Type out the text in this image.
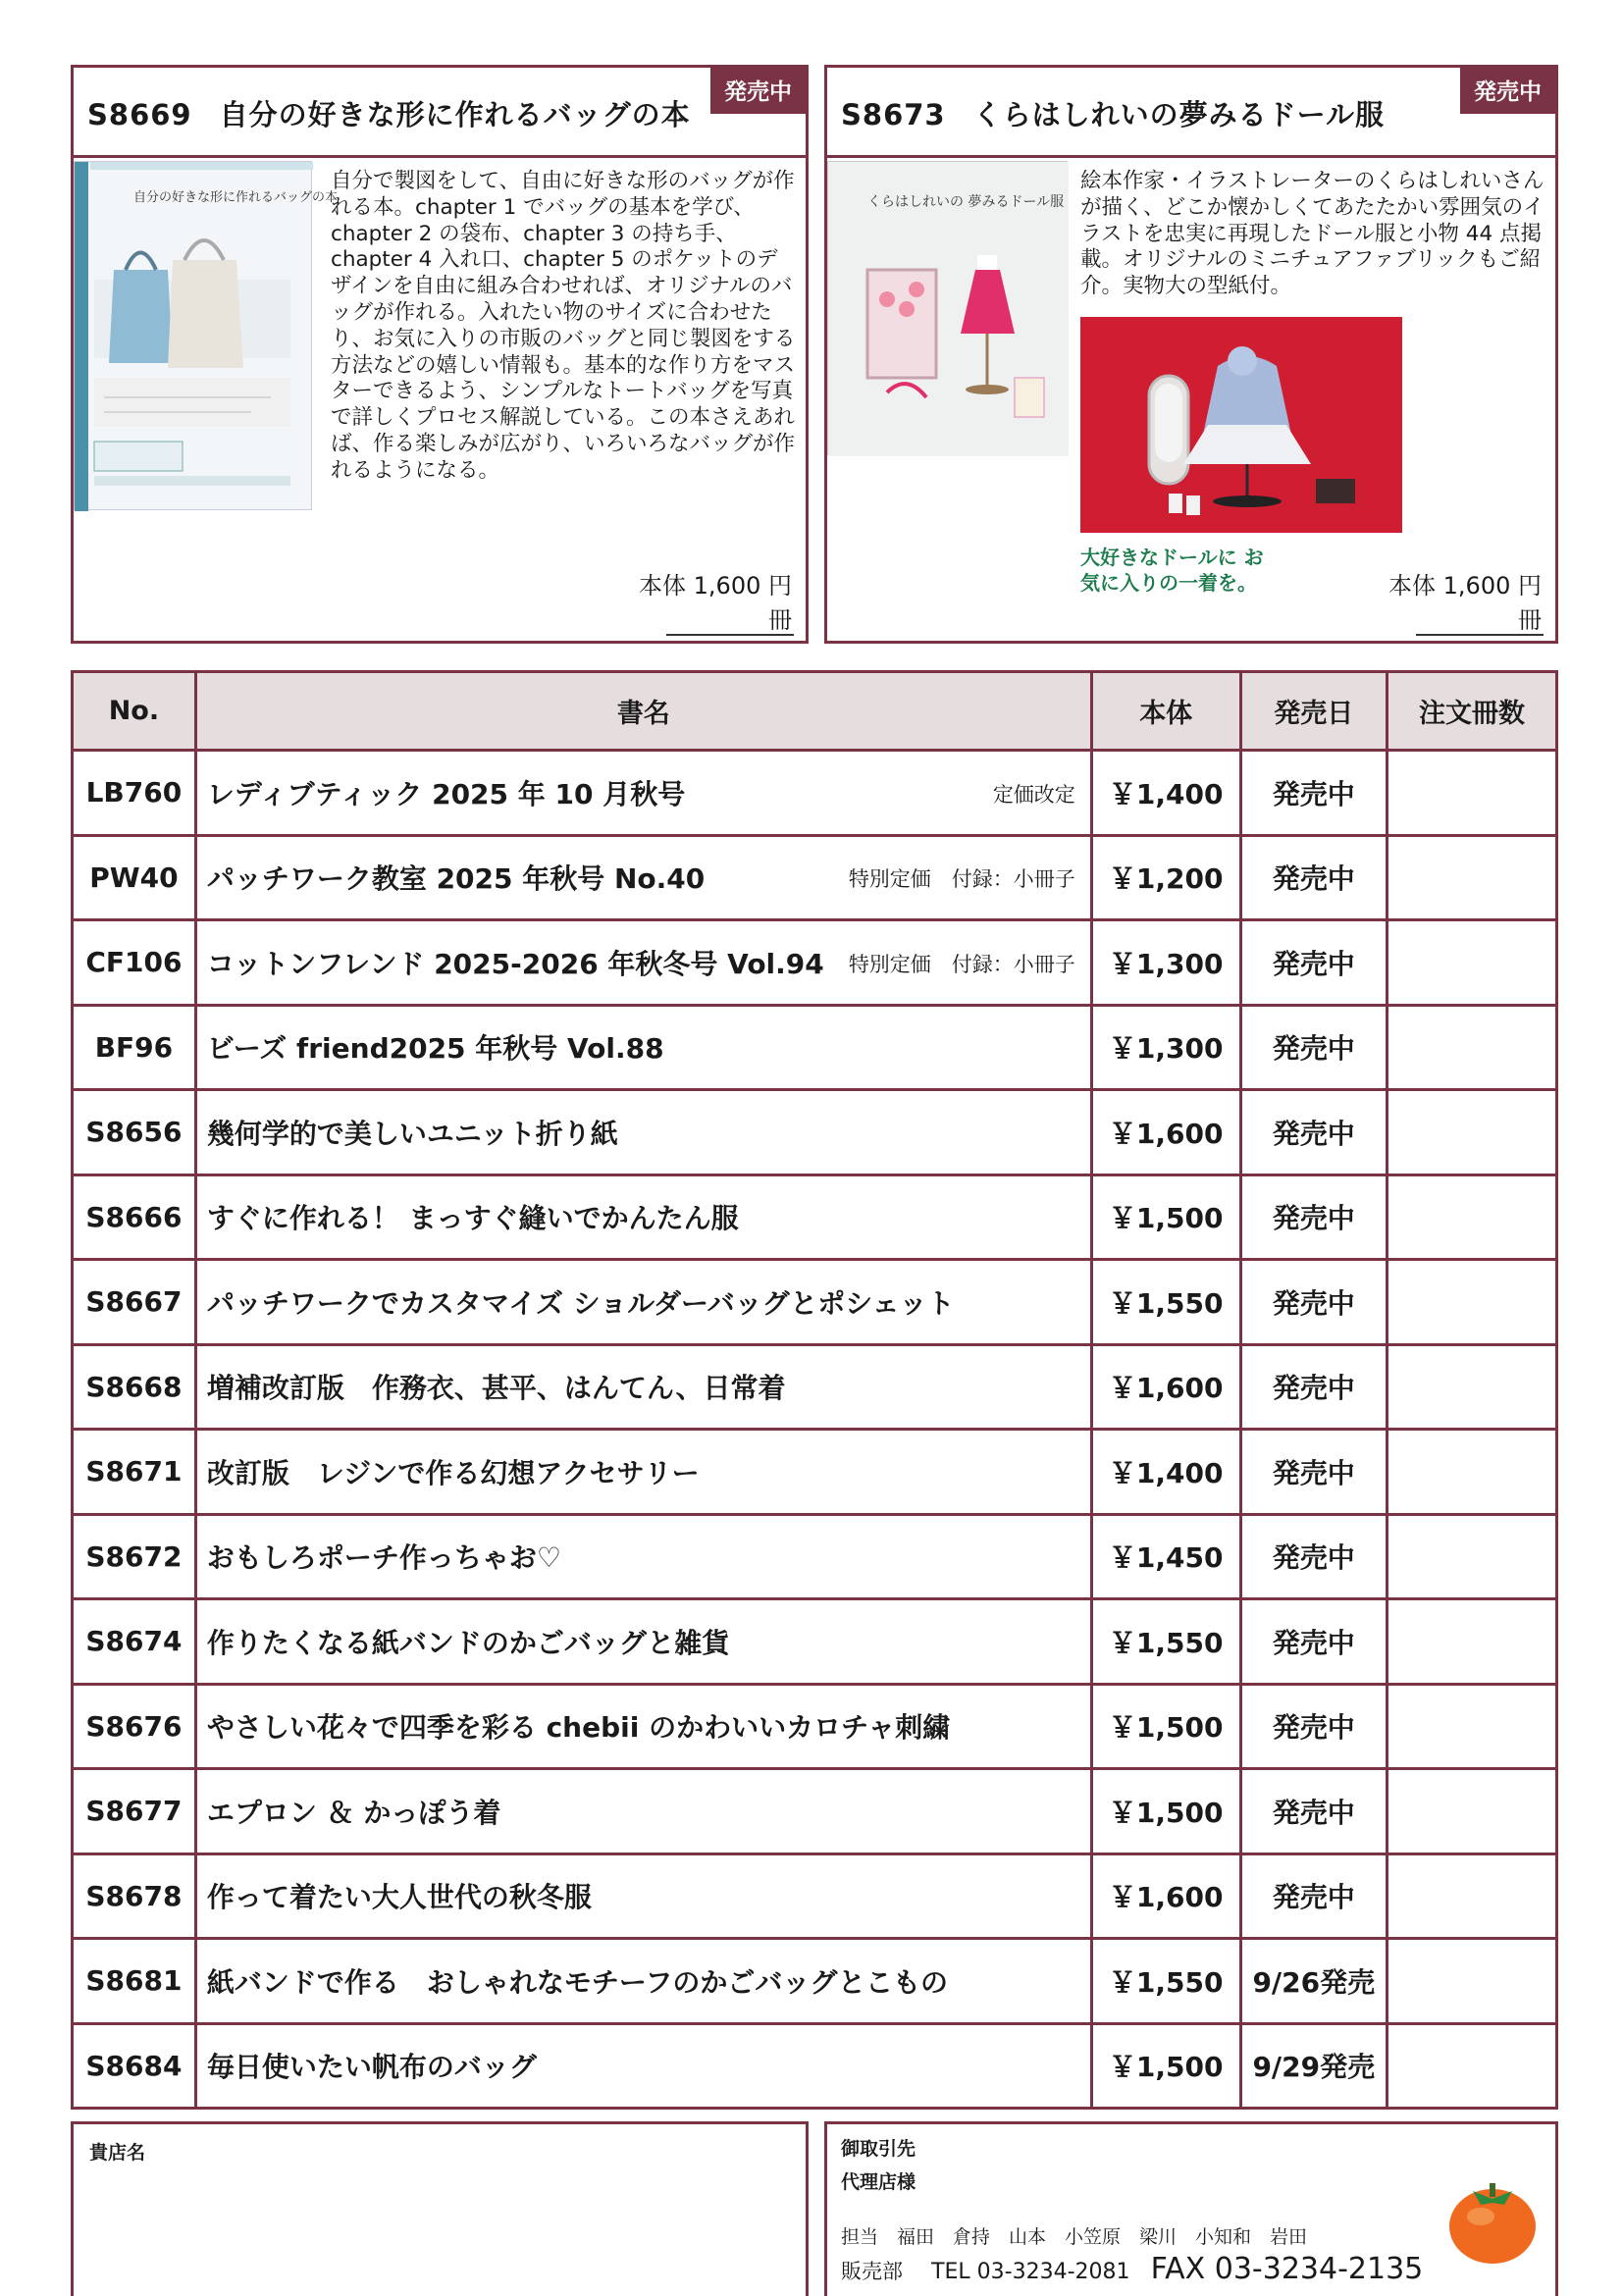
S8669 自分の好きな形に作れるバッグの本
発売中
自分の好きな形に作れるバッグの本
自分で製図をして、自由に好きな形のバッグが作れる本。chapter 1 でバッグの基本を学び、chapter 2 の袋布、chapter 3 の持ち手、chapter 4 入れ口、chapter 5 のポケットのデザインを自由に組み合わせれば、オリジナルのバッグが作れる。入れたい物のサイズに合わせたり、お気に入りの市販のバッグと同じ製図をする方法などの嬉しい情報も。基本的な作り方をマスターできるよう、シンプルなトートバッグを写真で詳しくプロセス解説している。この本さえあれば、作る楽しみが広がり、いろいろなバッグが作れるようになる。
本体 1,600 円
冊
S8673 くらはしれいの夢みるドール服
発売中
くらはしれいの 夢みるドール服
絵本作家・イラストレーターのくらはしれいさんが描く、どこか懐かしくてあたたかい雰囲気のイラストを忠実に再現したドール服と小物 44 点掲載。オリジナルのミニチュアファブリックもご紹介。実物大の型紙付。
大好きなドールに お気に入りの一着を。	本体 1,600 円
冊
No.	書名	本体	発売日	注文冊数
LB760	レディブティック 2025 年 10 月秋号 定価改定	￥1,400	発売中	
PW40	パッチワーク教室 2025 年秋号 No.40 特別定価　付録：小冊子	￥1,200	発売中	
CF106	コットンフレンド 2025-2026 年秋冬号 Vol.94 特別定価　付録：小冊子	￥1,300	発売中	
BF96	ビーズ friend2025 年秋号 Vol.88	￥1,300	発売中	
S8656	幾何学的で美しいユニット折り紙	￥1,600	発売中	
S8666	すぐに作れる！ まっすぐ縫いでかんたん服	￥1,500	発売中	
S8667	パッチワークでカスタマイズ ショルダーバッグとポシェット	￥1,550	発売中	
S8668	増補改訂版　作務衣、甚平、はんてん、日常着	￥1,600	発売中	
S8671	改訂版　レジンで作る幻想アクセサリー	￥1,400	発売中	
S8672	おもしろポーチ作っちゃお♡	￥1,450	発売中	
S8674	作りたくなる紙バンドのかごバッグと雑貨	￥1,550	発売中	
S8676	やさしい花々で四季を彩る chebii のかわいいカロチャ刺繍	￥1,500	発売中	
S8677	エプロン ＆ かっぽう着	￥1,500	発売中	
S8678	作って着たい大人世代の秋冬服	￥1,600	発売中	
S8681	紙バンドで作る　おしゃれなモチーフのかごバッグとこもの	￥1,550	9/26発売	
S8684	毎日使いたい帆布のバッグ	￥1,500	9/29発売	
貴店名	御取引先
代理店様
担当　福田　倉持　山本　小笠原　梁川　小知和　岩田
販売部 TEL 03-3234-2081 FAX 03-3234-2135
